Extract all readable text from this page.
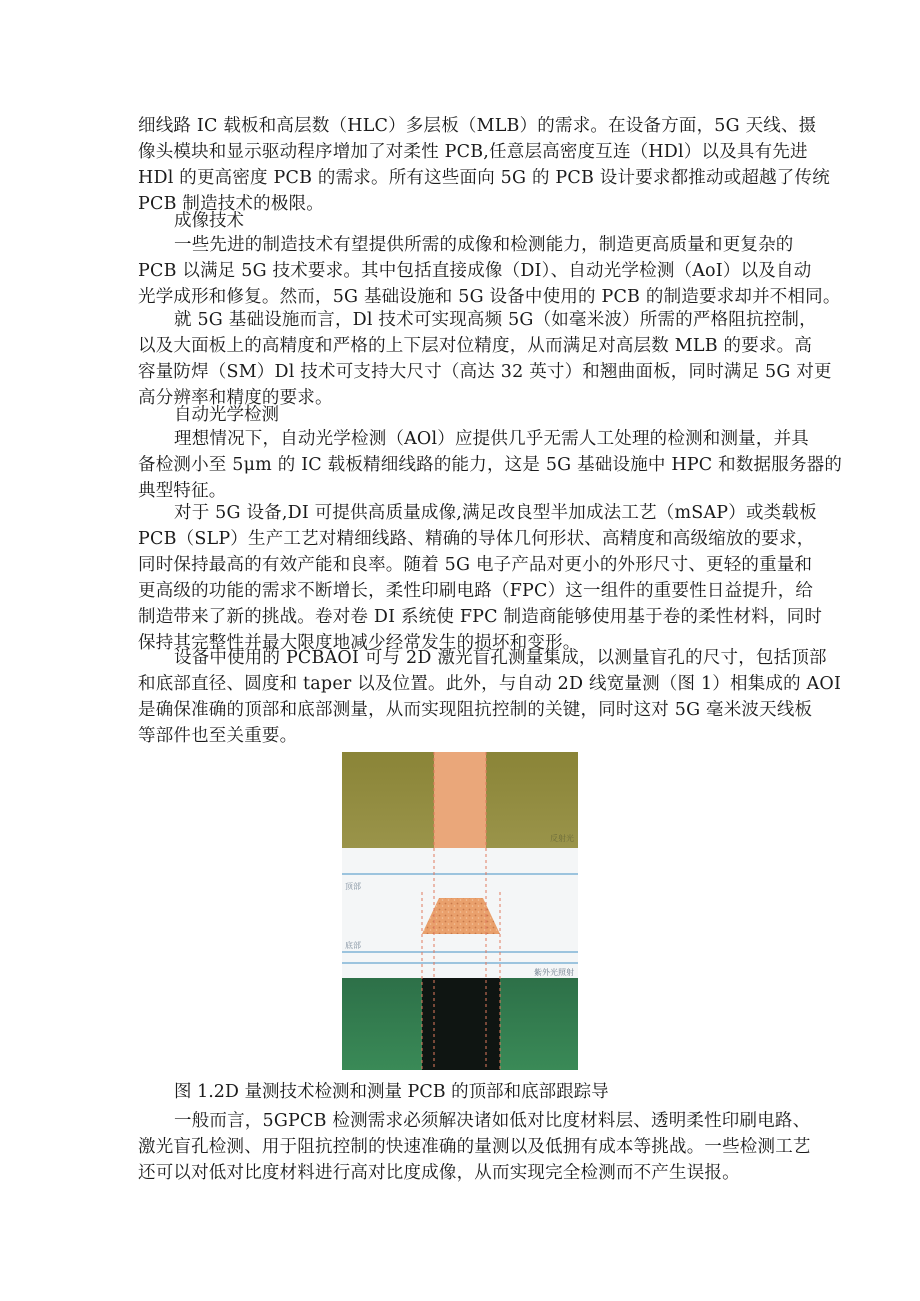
细线路 IC 载板和高层数（HLC）多层板（MLB）的需求。在设备方面，5G 天线、摄
像头模块和显示驱动程序增加了对柔性 PCB,任意层高密度互连（HDl）以及具有先进
HDl 的更高密度 PCB 的需求。所有这些面向 5G 的 PCB 设计要求都推动或超越了传统
PCB 制造技术的极限。
成像技术
一些先进的制造技术有望提供所需的成像和检测能力，制造更高质量和更复杂的
PCB 以满足 5G 技术要求。其中包括直接成像（DI）、自动光学检测（AoI）以及自动
光学成形和修复。然而，5G 基础设施和 5G 设备中使用的 PCB 的制造要求却并不相同。
就 5G 基础设施而言，Dl 技术可实现高频 5G（如毫米波）所需的严格阻抗控制，
以及大面板上的高精度和严格的上下层对位精度，从而满足对高层数 MLB 的要求。高
容量防焊（SM）Dl 技术可支持大尺寸（高达 32 英寸）和翘曲面板，同时满足 5G 对更
高分辨率和精度的要求。
自动光学检测
理想情况下，自动光学检测（AOl）应提供几乎无需人工处理的检测和测量，并具
备检测小至 5μm 的 IC 载板精细线路的能力，这是 5G 基础设施中 HPC 和数据服务器的
典型特征。
对于 5G 设备,DI 可提供高质量成像,满足改良型半加成法工艺（mSAP）或类载板
PCB（SLP）生产工艺对精细线路、精确的导体几何形状、高精度和高级缩放的要求，
同时保持最高的有效产能和良率。随着 5G 电子产品对更小的外形尺寸、更轻的重量和
更高级的功能的需求不断增长，柔性印刷电路（FPC）这一组件的重要性日益提升，给
制造带来了新的挑战。卷对卷 DI 系统使 FPC 制造商能够使用基于卷的柔性材料，同时
保持其完整性并最大限度地减少经常发生的损坏和变形。
设备中使用的 PCBAOI 可与 2D 激光盲孔测量集成，以测量盲孔的尺寸，包括顶部
和底部直径、圆度和 taper 以及位置。此外，与自动 2D 线宽量测（图 1）相集成的 AOI
是确保准确的顶部和底部测量，从而实现阻抗控制的关键，同时这对 5G 毫米波天线板
等部件也至关重要。
反射光
顶部
底部
紫外光照射
图 1.2D 量测技术检测和测量 PCB 的顶部和底部跟踪导
一般而言，5GPCB 检测需求必须解决诸如低对比度材料层、透明柔性印刷电路、
激光盲孔检测、用于阻抗控制的快速准确的量测以及低拥有成本等挑战。一些检测工艺
还可以对低对比度材料进行高对比度成像，从而实现完全检测而不产生误报。
